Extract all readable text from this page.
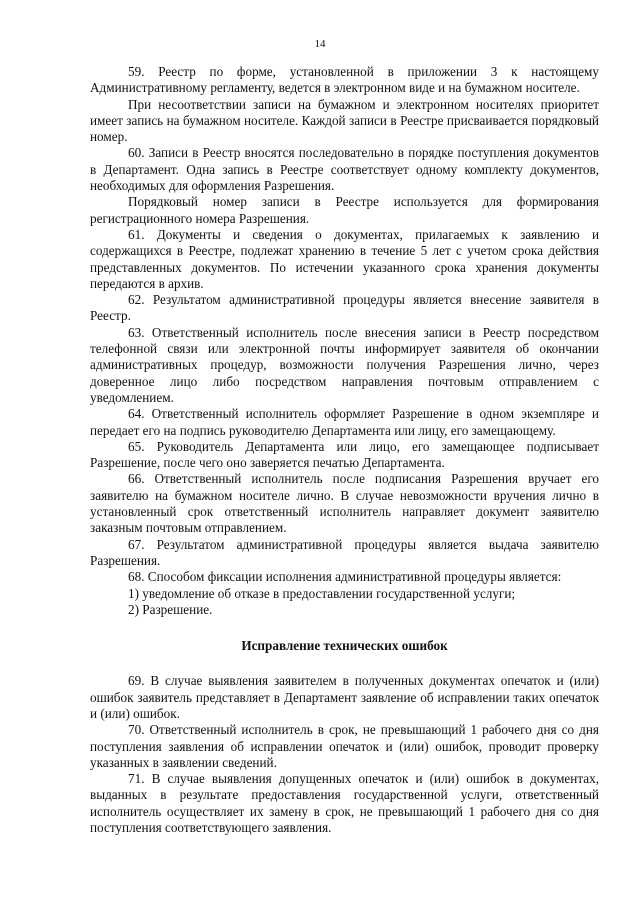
14

59. Реестр по форме, установленной в приложении 3 к настоящему Административному регламенту, ведется в электронном виде и на бумажном носителе.

При несоответствии записи на бумажном и электронном носителях приоритет имеет запись на бумажном носителе. Каждой записи в Реестре присваивается порядковый номер.

60. Записи в Реестр вносятся последовательно в порядке поступления документов в Департамент. Одна запись в Реестре соответствует одному комплекту документов, необходимых для оформления Разрешения.

Порядковый номер записи в Реестре используется для формирования регистрационного номера Разрешения.

61. Документы и сведения о документах, прилагаемых к заявлению и содержащихся в Реестре, подлежат хранению в течение 5 лет с учетом срока действия представленных документов. По истечении указанного срока хранения документы передаются в архив.

62. Результатом административной процедуры является внесение заявителя в Реестр.

63. Ответственный исполнитель после внесения записи в Реестр посредством телефонной связи или электронной почты информирует заявителя об окончании административных процедур, возможности получения Разрешения лично, через доверенное лицо либо посредством направления почтовым отправлением с уведомлением.

64. Ответственный исполнитель оформляет Разрешение в одном экземпляре и передает его на подпись руководителю Департамента или лицу, его замещающему.

65. Руководитель Департамента или лицо, его замещающее подписывает Разрешение, после чего оно заверяется печатью Департамента.

66. Ответственный исполнитель после подписания Разрешения вручает его заявителю на бумажном носителе лично. В случае невозможности вручения лично в установленный срок ответственный исполнитель направляет документ заявителю заказным почтовым отправлением.

67. Результатом административной процедуры является выдача заявителю Разрешения.

68. Способом фиксации исполнения административной процедуры является:

1) уведомление об отказе в предоставлении государственной услуги;

2) Разрешение.

Исправление технических ошибок

69. В случае выявления заявителем в полученных документах опечаток и (или) ошибок заявитель представляет в Департамент заявление об исправлении таких опечаток и (или) ошибок.

70. Ответственный исполнитель в срок, не превышающий 1 рабочего дня со дня поступления заявления об исправлении опечаток и (или) ошибок, проводит проверку указанных в заявлении сведений.

71. В случае выявления допущенных опечаток и (или) ошибок в документах, выданных в результате предоставления государственной услуги, ответственный исполнитель осуществляет их замену в срок, не превышающий 1 рабочего дня со дня поступления соответствующего заявления.
